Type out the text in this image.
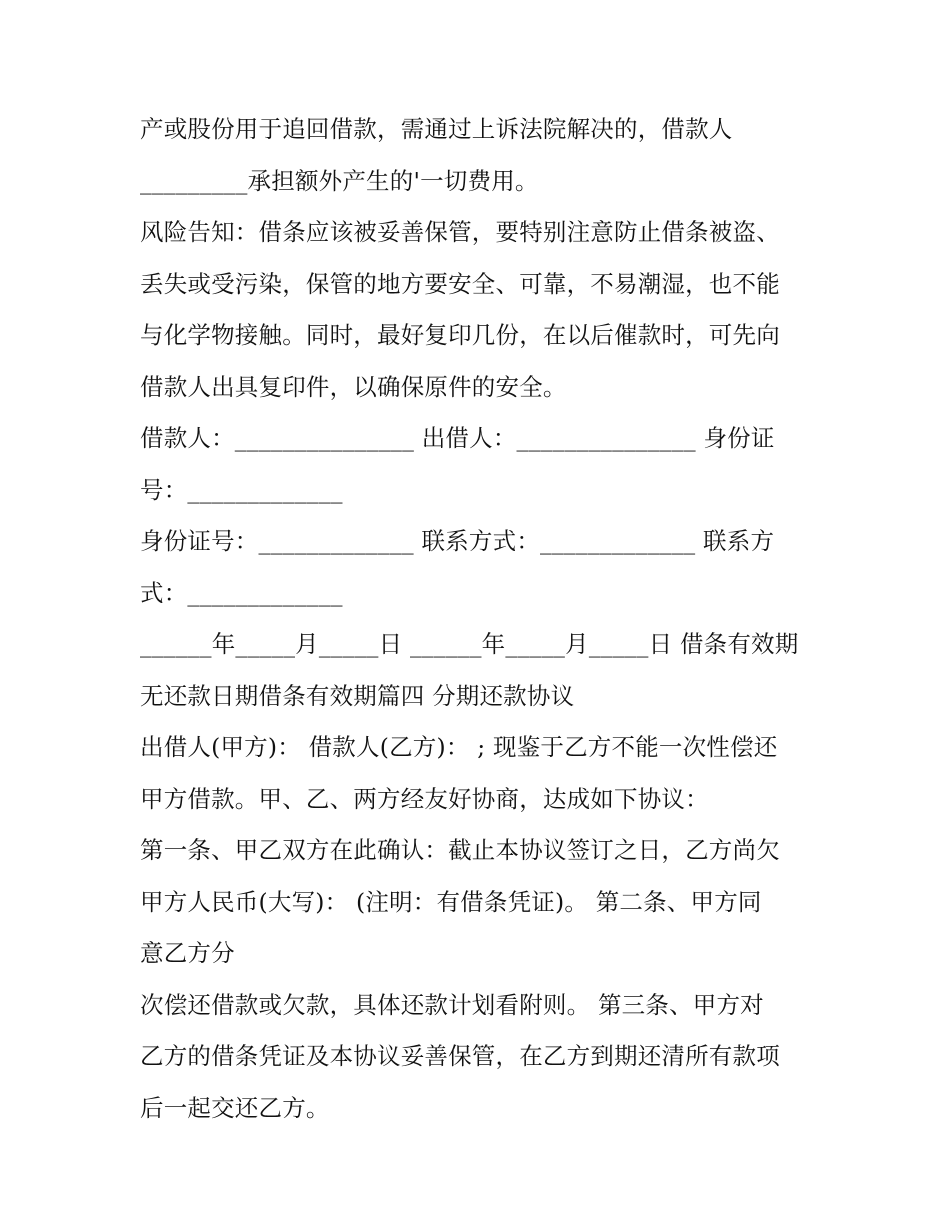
产或股份用于追回借款，需通过上诉法院解决的，借款人
_________承担额外产生的'一切费用。
风险告知：借条应该被妥善保管，要特别注意防止借条被盗、
丢失或受污染，保管的地方要安全、可靠，不易潮湿，也不能
与化学物接触。同时，最好复印几份，在以后催款时，可先向
借款人出具复印件，以确保原件的安全。
借款人：_______________ 出借人：_______________ 身份证
号：_____________
身份证号：_____________ 联系方式：_____________ 联系方
式：_____________
______年_____月_____日 ______年_____月_____日 借条有效期
无还款日期借条有效期篇四 分期还款协议
出借人(甲方)： 借款人(乙方)： ; 现鉴于乙方不能一次性偿还
甲方借款。甲、乙、两方经友好协商，达成如下协议：
第一条、甲乙双方在此确认：截止本协议签订之日，乙方尚欠
甲方人民币(大写)： (注明：有借条凭证)。 第二条、甲方同
意乙方分
次偿还借款或欠款，具体还款计划看附则。 第三条、甲方对
乙方的借条凭证及本协议妥善保管，在乙方到期还清所有款项
后一起交还乙方。
